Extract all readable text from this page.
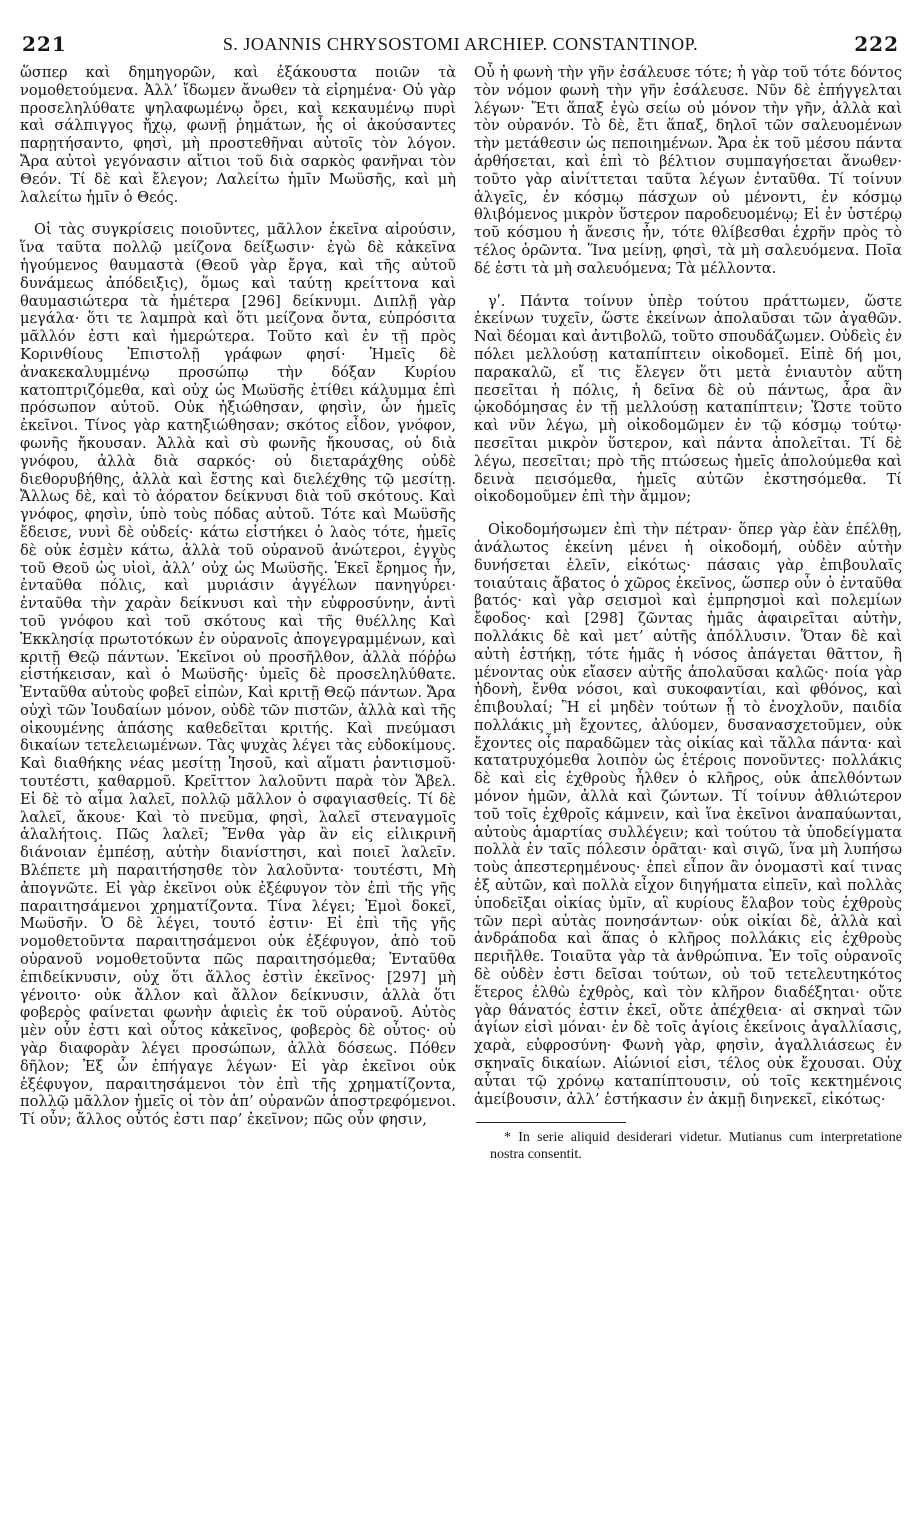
221	S. JOANNIS CHRYSOSTOMI ARCHIEP. CONSTANTINOP.	222

ὥσπερ καὶ δημηγορῶν, καὶ ἐξάκουστα ποιῶν τὰ νομοθετούμενα. Ἀλλ’ ἴδωμεν ἄνωθεν τὰ εἰρημένα· Οὐ γὰρ προσεληλύθατε ψηλαφωμένῳ ὄρει, καὶ κεκαυμένῳ πυρὶ καὶ σάλπιγγος ἤχῳ, φωνῇ ῥημάτων, ἧς οἱ ἀκούσαντες παρῃτήσαντο, φησὶ, μὴ προστεθῆναι αὐτοῖς τὸν λόγον. Ἄρα αὐτοὶ γεγόνασιν αἴτιοι τοῦ διὰ σαρκὸς φανῆναι τὸν Θεόν. Τί δὲ καὶ ἔλεγον; Λαλείτω ἡμῖν Μωϋσῆς, καὶ μὴ λαλείτω ἡμῖν ὁ Θεός.

Οἱ τὰς συγκρίσεις ποιοῦντες, μᾶλλον ἐκεῖνα αἱρούσιν, ἵνα ταῦτα πολλῷ μείζονα δείξωσιν· ἐγὼ δὲ κἀκεῖνα ἡγούμενος θαυμαστὰ (Θεοῦ γὰρ ἔργα, καὶ τῆς αὐτοῦ δυνάμεως ἀπόδειξις), ὅμως καὶ ταύτῃ κρείττονα καὶ θαυμασιώτερα τὰ ἡμέτερα [296] δείκνυμι. Διπλῇ γὰρ μεγάλα· ὅτι τε λαμπρὰ καὶ ὅτι μείζονα ὄντα, εὐπρόσιτα μᾶλλόν ἐστι καὶ ἡμερώτερα. Τοῦτο καὶ ἐν τῇ πρὸς Κορινθίους Ἐπιστολῇ γράφων φησί· Ἡμεῖς δὲ ἀνακεκαλυμμένῳ προσώπῳ τὴν δόξαν Κυρίου κατοπτριζόμεθα, καὶ οὐχ ὡς Μωϋσῆς ἐτίθει κάλυμμα ἐπὶ πρόσωπον αὐτοῦ. Οὐκ ἠξιώθησαν, φησὶν, ὧν ἡμεῖς ἐκεῖνοι. Τίνος γὰρ κατηξιώθησαν; σκότος εἶδον, γνόφον, φωνῆς ἤκουσαν. Ἀλλὰ καὶ σὺ φωνῆς ἤκουσας, οὐ διὰ γνόφου, ἀλλὰ διὰ σαρκός· οὐ διεταράχθης οὐδὲ διεθορυβήθης, ἀλλὰ καὶ ἔστης καὶ διελέχθης τῷ μεσίτῃ. Ἄλλως δὲ, καὶ τὸ ἀόρατον δείκνυσι διὰ τοῦ σκότους. Καὶ γνόφος, φησὶν, ὑπὸ τοὺς πόδας αὐτοῦ. Τότε καὶ Μωϋσῆς ἔδεισε, νυνὶ δὲ οὐδείς· κάτω εἱστήκει ὁ λαὸς τότε, ἡμεῖς δὲ οὐκ ἐσμὲν κάτω, ἀλλὰ τοῦ οὐρανοῦ ἀνώτεροι, ἐγγὺς τοῦ Θεοῦ ὡς υἱοὶ, ἀλλ’ οὐχ ὡς Μωϋσῆς. Ἐκεῖ ἔρημος ἦν, ἐνταῦθα πόλις, καὶ μυριάσιν ἀγγέλων πανηγύρει· ἐνταῦθα τὴν χαρὰν δείκνυσι καὶ τὴν εὐφροσύνην, ἀντὶ τοῦ γνόφου καὶ τοῦ σκότους καὶ τῆς θυέλλης Καὶ Ἐκκλησίᾳ πρωτοτόκων ἐν οὐρανοῖς ἀπογεγραμμένων, καὶ κριτῇ Θεῷ πάντων. Ἐκεῖνοι οὐ προσῆλθον, ἀλλὰ πόῤῥω εἱστήκεισαν, καὶ ὁ Μωϋσῆς· ὑμεῖς δὲ προσεληλύθατε. Ἐνταῦθα αὐτοὺς φοβεῖ εἰπὼν, Καὶ κριτῇ Θεῷ πάντων. Ἄρα οὐχὶ τῶν Ἰουδαίων μόνον, οὐδὲ τῶν πιστῶν, ἀλλὰ καὶ τῆς οἰκουμένης ἁπάσης καθεδεῖται κριτής. Καὶ πνεύμασι δικαίων τετελειωμένων. Τὰς ψυχὰς λέγει τὰς εὐδοκίμους. Καὶ διαθήκης νέας μεσίτῃ Ἰησοῦ, καὶ αἵματι ῥαντισμοῦ· τουτέστι, καθαρμοῦ. Κρεῖττον λαλοῦντι παρὰ τὸν Ἄβελ. Εἰ δὲ τὸ αἷμα λαλεῖ, πολλῷ μᾶλλον ὁ σφαγιασθείς. Τί δὲ λαλεῖ, ἄκουε· Καὶ τὸ πνεῦμα, φησὶ, λαλεῖ στεναγμοῖς ἀλαλήτοις. Πῶς λαλεῖ; Ἔνθα γὰρ ἂν εἰς εἰλικρινῆ διάνοιαν ἐμπέσῃ, αὐτὴν διανίστησι, καὶ ποιεῖ λαλεῖν. Βλέπετε μὴ παραιτήσησθε τὸν λαλοῦντα· τουτέστι, Μὴ ἀπογνῶτε. Εἰ γὰρ ἐκεῖνοι οὐκ ἐξέφυγον τὸν ἐπὶ τῆς γῆς παραιτησάμενοι χρηματίζοντα. Τίνα λέγει; Ἐμοὶ δοκεῖ, Μωϋσῆν. Ὁ δὲ λέγει, τουτό ἐστιν· Εἰ ἐπὶ τῆς γῆς νομοθετοῦντα παραιτησάμενοι οὐκ ἐξέφυγον, ἀπὸ τοῦ οὐρανοῦ νομοθετοῦντα πῶς παραιτησόμεθα; Ἐνταῦθα ἐπιδείκνυσιν, οὐχ ὅτι ἄλλος ἐστὶν ἐκεῖνος· [297] μὴ γένοιτο· οὐκ ἄλλον καὶ ἄλλον δείκνυσιν, ἀλλὰ ὅτι φοβερὸς φαίνεται φωνὴν ἀφιεὶς ἐκ τοῦ οὐρανοῦ. Αὐτὸς μὲν οὖν ἐστι καὶ οὗτος κἀκεῖνος, φοβερὸς δὲ οὗτος· οὐ γὰρ διαφορὰν λέγει προσώπων, ἀλλὰ δόσεως. Πόθεν δῆλον; Ἐξ ὧν ἐπήγαγε λέγων· Εἰ γὰρ ἐκεῖνοι οὐκ ἐξέφυγον, παραιτησάμενοι τὸν ἐπὶ τῆς χρηματίζοντα, πολλῷ μᾶλλον ἡμεῖς οἱ τὸν ἀπ’ οὐρανῶν ἀποστρεφόμενοι. Τί οὖν; ἄλλος οὗτός ἐστι παρ’ ἐκεῖνον; πῶς οὖν φησιν,

Οὗ ἡ φωνὴ τὴν γῆν ἐσάλευσε τότε; ἡ γὰρ τοῦ τότε δόντος τὸν νόμον φωνὴ τὴν γῆν ἐσάλευσε. Νῦν δὲ ἐπήγγελται λέγων· Ἔτι ἅπαξ ἐγὼ σείω οὐ μόνον τὴν γῆν, ἀλλὰ καὶ τὸν οὐρανόν. Τὸ δὲ, ἔτι ἅπαξ, δηλοῖ τῶν σαλευομένων τὴν μετάθεσιν ὡς πεποιημένων. Ἄρα ἐκ τοῦ μέσου πάντα ἀρθήσεται, καὶ ἐπὶ τὸ βέλτιον συμπαγήσεται ἄνωθεν· τοῦτο γὰρ αἰνίττεται ταῦτα λέγων ἐνταῦθα. Τί τοίνυν ἀλγεῖς, ἐν κόσμῳ πάσχων οὐ μένοντι, ἐν κόσμῳ θλιβόμενος μικρὸν ὕστερον παροδευομένῳ; Εἰ ἐν ὑστέρῳ τοῦ κόσμου ἡ ἄνεσις ἦν, τότε θλίβεσθαι ἐχρῆν πρὸς τὸ τέλος ὁρῶντα. Ἵνα μείνῃ, φησὶ, τὰ μὴ σαλευόμενα. Ποῖα δέ ἐστι τὰ μὴ σαλευόμενα; Τὰ μέλλοντα.

γʹ. Πάντα τοίνυν ὑπὲρ τούτου πράττωμεν, ὥστε ἐκείνων τυχεῖν, ὥστε ἐκείνων ἀπολαῦσαι τῶν ἀγαθῶν. Ναὶ δέομαι καὶ ἀντιβολῶ, τοῦτο σπουδάζωμεν. Οὐδεὶς ἐν πόλει μελλούσῃ καταπίπτειν οἰκοδομεῖ. Εἰπὲ δή μοι, παρακαλῶ, εἴ τις ἔλεγεν ὅτι μετὰ ἐνιαυτὸν αὕτη πεσεῖται ἡ πόλις, ἡ δεῖνα δὲ οὐ πάντως, ἆρα ἂν ᾠκοδόμησας ἐν τῇ μελλούσῃ καταπίπτειν; Ὥστε τοῦτο καὶ νῦν λέγω, μὴ οἰκοδομῶμεν ἐν τῷ κόσμῳ τούτῳ· πεσεῖται μικρὸν ὕστερον, καὶ πάντα ἀπολεῖται. Τί δὲ λέγω, πεσεῖται; πρὸ τῆς πτώσεως ἡμεῖς ἀπολούμεθα καὶ δεινὰ πεισόμεθα, ἡμεῖς αὐτῶν ἐκστησόμεθα. Τί οἰκοδομοῦμεν ἐπὶ τὴν ἄμμον;

Οἰκοδομήσωμεν ἐπὶ τὴν πέτραν· ὅπερ γὰρ ἐὰν ἐπέλθῃ, ἀνάλωτος ἐκείνη μένει ἡ οἰκοδομή, οὐδὲν αὐτὴν δυνήσεται ἑλεῖν, εἰκότως· πάσαις γὰρ ἐπιβουλαῖς τοιαύταις ἄβατος ὁ χῶρος ἐκεῖνος, ὥσπερ οὖν ὁ ἐνταῦθα βατός· καὶ γὰρ σεισμοὶ καὶ ἐμπρησμοὶ καὶ πολεμίων ἔφοδος· καὶ [298] ζῶντας ἡμᾶς ἀφαιρεῖται αὐτὴν, πολλάκις δὲ καὶ μετ’ αὐτῆς ἀπόλλυσιν. Ὅταν δὲ καὶ αὐτὴ ἑστήκῃ, τότε ἡμᾶς ἡ νόσος ἀπάγεται θᾶττον, ἢ μένοντας οὐκ εἴασεν αὐτῆς ἀπολαῦσαι καλῶς· ποία γὰρ ἡδονὴ, ἔνθα νόσοι, καὶ συκοφαντίαι, καὶ φθόνος, καὶ ἐπιβουλαί; Ἢ εἰ μηδὲν τούτων ᾖ τὸ ἐνοχλοῦν, παιδία πολλάκις μὴ ἔχοντες, ἀλύομεν, δυσανασχετοῦμεν, οὐκ ἔχοντες οἷς παραδῶμεν τὰς οἰκίας καὶ τἄλλα πάντα· καὶ κατατρυχόμεθα λοιπὸν ὡς ἑτέροις πονοῦντες· πολλάκις δὲ καὶ εἰς ἐχθροὺς ἦλθεν ὁ κλῆρος, οὐκ ἀπελθόντων μόνον ἡμῶν, ἀλλὰ καὶ ζώντων. Τί τοίνυν ἀθλιώτερον τοῦ τοῖς ἐχθροῖς κάμνειν, καὶ ἵνα ἐκεῖνοι ἀναπαύωνται, αὐτοὺς ἁμαρτίας συλλέγειν; καὶ τούτου τὰ ὑποδείγματα πολλὰ ἐν ταῖς πόλεσιν ὁρᾶται· καὶ σιγῶ, ἵνα μὴ λυπήσω τοὺς ἀπεστερημένους· ἐπεὶ εἶπον ἂν ὀνομαστὶ καί τινας ἐξ αὐτῶν, καὶ πολλὰ εἶχον διηγήματα εἰπεῖν, καὶ πολλὰς ὑποδεῖξαι οἰκίας ὑμῖν, αἳ κυρίους ἔλαβον τοὺς ἐχθροὺς τῶν περὶ αὐτὰς πονησάντων· οὐκ οἰκίαι δὲ, ἀλλὰ καὶ ἀνδράποδα καὶ ἅπας ὁ κλῆρος πολλάκις εἰς ἐχθροὺς περιῆλθε. Τοιαῦτα γὰρ τὰ ἀνθρώπινα. Ἐν τοῖς οὐρανοῖς δὲ οὐδὲν ἐστι δεῖσαι τούτων, οὐ τοῦ τετελευτηκότος ἕτερος ἐλθὼ ἐχθρὸς, καὶ τὸν κλῆρον διαδέξηται· οὔτε γὰρ θάνατός ἐστιν ἐκεῖ, οὔτε ἀπέχθεια· αἱ σκηναὶ τῶν ἁγίων εἰσὶ μόναι· ἐν δὲ τοῖς ἁγίοις ἐκείνοις ἀγαλλίασις, χαρὰ, εὐφροσύνη· Φωνὴ γὰρ, φησὶν, ἀγαλλιάσεως ἐν σκηναῖς δικαίων. Αἰώνιοί εἰσι, τέλος οὐκ ἔχουσαι. Οὐχ αὗται τῷ χρόνῳ καταπίπτουσιν, οὐ τοῖς κεκτημένοις ἀμείβουσιν, ἀλλ’ ἑστήκασιν ἐν ἀκμῇ διηνεκεῖ, εἰκότως·

* In serie aliquid desiderari videtur. Mutianus cum interpretatione nostra consentit.
